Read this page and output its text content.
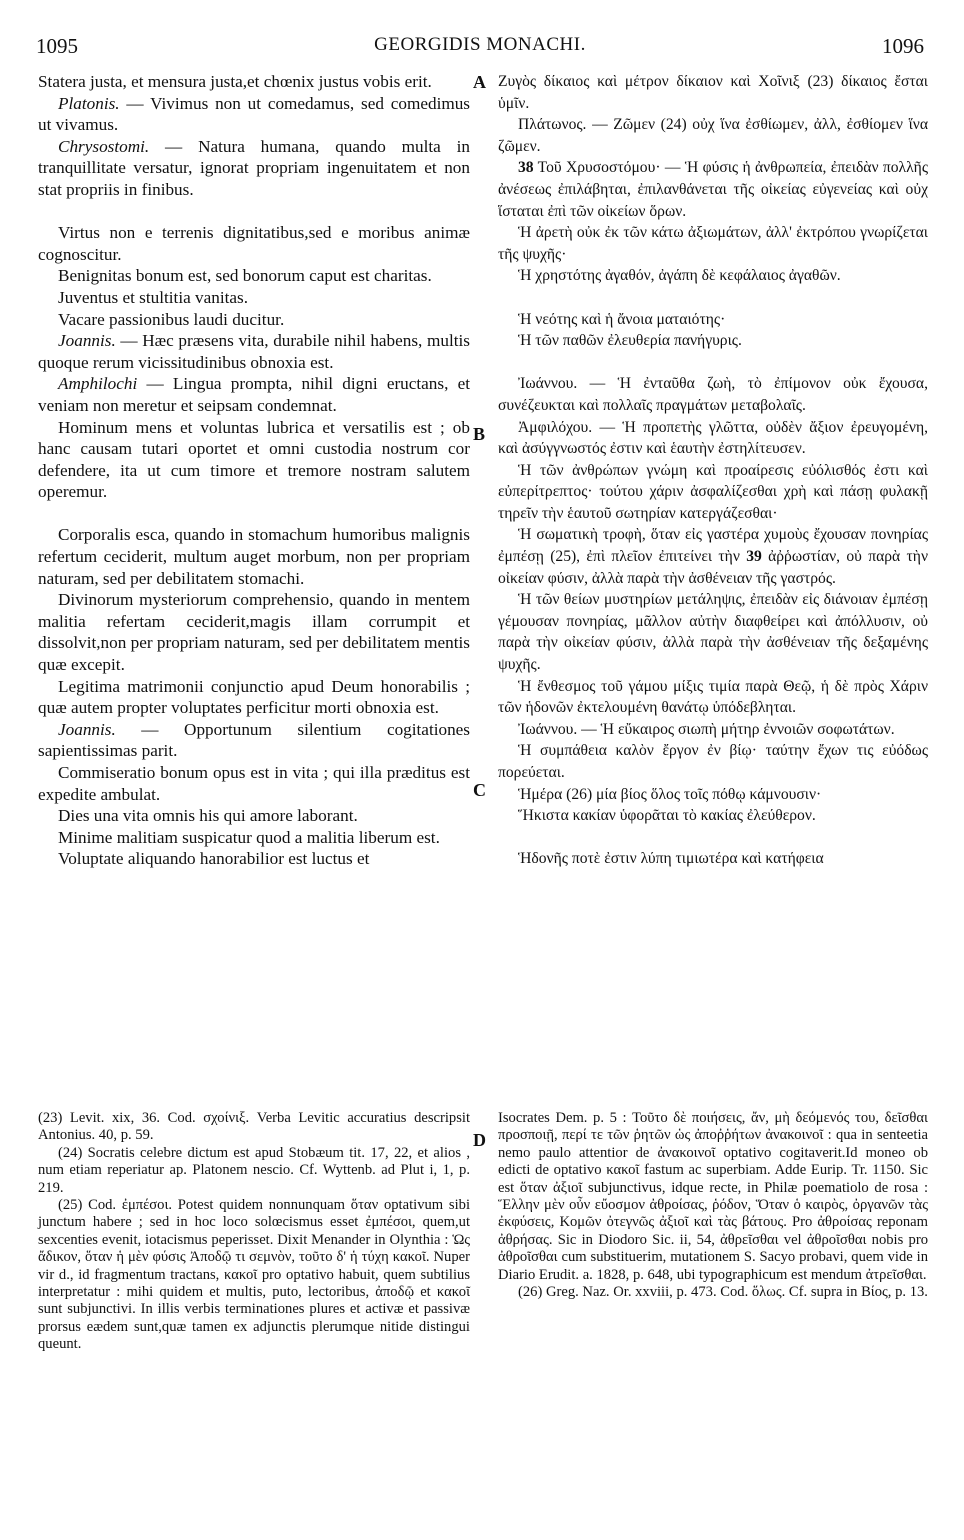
1095	GEORGIDIS MONACHI.	1096
A
B
C
D
Statera justa, et mensura justa,et chœnix justus vobis erit.
Platonis. — Vivimus non ut comedamus, sed comedimus ut vivamus.
Chrysostomi. — Natura humana, quando multa in tranquillitate versatur, ignorat propriam ingenuitatem et non stat propriis in finibus.
Virtus non e terrenis dignitatibus,sed e moribus animæ cognoscitur.
Benignitas bonum est, sed bonorum caput est charitas.
Juventus et stultitia vanitas.
Vacare passionibus laudi ducitur.
Joannis. — Hæc præsens vita, durabile nihil habens, multis quoque rerum vicissitudinibus obnoxia est.
Amphilochi — Lingua prompta, nihil digni eructans, et veniam non meretur et seipsam condemnat.
Hominum mens et voluntas lubrica et versatilis est ; ob hanc causam tutari oportet et omni custodia nostrum cor defendere, ita ut cum timore et tremore nostram salutem operemur.
Corporalis esca, quando in stomachum humoribus malignis refertum ceciderit, multum auget morbum, non per propriam naturam, sed per debilitatem stomachi.
Divinorum mysteriorum comprehensio, quando in mentem malitia refertam ceciderit,magis illam corrumpit et dissolvit,non per propriam naturam, sed per debilitatem mentis quæ excepit.
Legitima matrimonii conjunctio apud Deum honorabilis ; quæ autem propter voluptates perficitur morti obnoxia est.
Joannis. — Opportunum silentium cogitationes sapientissimas parit.
Commiseratio bonum opus est in vita ; qui illa præditus est expedite ambulat.
Dies una vita omnis his qui amore laborant.
Minime malitiam suspicatur quod a malitia liberum est.
Voluptate aliquando hanorabilior est luctus et
Ζυγὸς δίκαιος καὶ μέτρον δίκαιον καὶ Χοῖνιξ (23) δίκαιος ἔσται ὑμῖν.
Πλάτωνος. — Ζῶμεν (24) οὐχ ἵνα ἐσθίωμεν, ἀλλ, ἐσθίομεν ἵνα ζῶμεν.
38 Τοῦ Χρυσοστόμου· — Ἡ φύσις ἡ ἀνθρωπεία, ἐπειδὰν πολλῆς ἀνέσεως ἐπιλάβηται, ἐπιλανθάνεται τῆς οἰκείας εὐγενείας καὶ οὐχ ἵσταται ἐπὶ τῶν οἰκείων ὅρων.
Ἡ ἀρετὴ οὐκ ἐκ τῶν κάτω ἀξιωμάτων, ἀλλ' ἐκτρόπου γνωρίζεται τῆς ψυχῆς·
Ἡ χρηστότης ἀγαθόν, ἀγάπη δὲ κεφάλαιος ἀγαθῶν.
Ἡ νεότης καὶ ἡ ἄνοια ματαιότης·
Ἡ τῶν παθῶν ἐλευθερία πανήγυρις.
Ἰωάννου. — Ἡ ἐνταῦθα ζωὴ, τὸ ἐπίμονον οὐκ ἔχουσα, συνέζευκται καὶ πολλαῖς πραγμάτων μεταβολαῖς.
Ἀμφιλόχου. — Ἡ προπετὴς γλῶττα, οὐδὲν ἄξιον ἐρευγομένη, καὶ ἀσύγγνωστός ἐστιν καὶ ἑαυτὴν ἐστηλίτευσεν.
Ἡ τῶν ἀνθρώπων γνώμη καὶ προαίρεσις εὐόλισθός ἐστι καὶ εὐπερίτρεπτος· τούτου χάριν ἀσφαλίζεσθαι χρὴ καὶ πάσῃ φυλακῇ τηρεῖν τὴν ἑαυτοῦ σωτηρίαν κατεργάζεσθαι·
Ἡ σωματικὴ τροφὴ, ὅταν εἰς γαστέρα χυμοὺς ἔχουσαν πονηρίας ἐμπέσῃ (25), ἐπὶ πλεῖον ἐπιτείνει τὴν 39 ἀῤῥωστίαν, οὐ παρὰ τὴν οἰκείαν φύσιν, ἀλλὰ παρὰ τὴν ἀσθένειαν τῆς γαστρός.
Ἡ τῶν θείων μυστηρίων μετάληψις, ἐπειδὰν εἰς διάνοιαν ἐμπέσῃ γέμουσαν πονηρίας, μᾶλλον αὐτὴν διαφθείρει καὶ ἀπόλλυσιν, οὐ παρὰ τὴν οἰκείαν φύσιν, ἀλλὰ παρὰ τὴν ἀσθένειαν τῆς δεξαμένης ψυχῆς.
Ἡ ἔνθεσμος τοῦ γάμου μίξις τιμία παρὰ Θεῷ, ἡ δὲ πρὸς Χάριν τῶν ἡδονῶν ἐκτελουμένη θανάτῳ ὑπόδεβληται.
Ἰωάννου. — Ἡ εὔκαιρος σιωπὴ μήτηρ ἐννοιῶν σοφωτάτων.
Ἡ συμπάθεια καλὸν ἔργον ἐν βίῳ· ταύτην ἔχων τις εὐόδως πορεύεται.
Ἡμέρα (26) μία βίος ὅλος τοῖς πόθῳ κάμνουσιν·
Ἥκιστα κακίαν ὑφορᾶται τὸ κακίας ἐλεύθερον.
Ἡδονῆς ποτὲ ἐστιν λύπη τιμιωτέρα καὶ κατήφεια
(23) Levit. xix, 36. Cod. σχοίνιξ. Verba Levitic accuratius descripsit Antonius. 40, p. 59.
(24) Socratis celebre dictum est apud Stobæum tit. 17, 22, et alios , num etiam reperiatur ap. Platonem nescio. Cf. Wyttenb. ad Plut i, 1, p. 219.
(25) Cod. ἐμπέσοι. Potest quidem nonnunquam ὅταν optativum sibi junctum habere ; sed in hoc loco solœcismus esset ἐμπέσοι, quem,ut sexcenties evenit, iotacismus peperisset. Dixit Menander in Olynthia : Ὡς ἄδικον, ὅταν ἡ μὲν φύσις Ἀποδῷ τι σεμνὸν, τοῦτο δ' ἡ τύχη κακοῖ. Nuper vir d., id fragmentum tractans, κακοῖ pro optativo habuit, quem subtilius interpretatur : mihi quidem et multis, puto, lectoribus, ἀποδῷ et κακοῖ sunt subjunctivi. In illis verbis terminationes plures et activæ et passivæ prorsus eædem sunt,quæ tamen ex adjunctis plerumque nitide distingui queunt.
Isocrates Dem. p. 5 : Τοῦτο δὲ ποιήσεις, ἄν, μὴ δεόμενός του, δεῖσθαι προσποιῇ, περί τε τῶν ῥητῶν ὡς ἀποῤῥήτων ἀνακοινοῖ : qua in senteetia nemo paulo attentior de ἀνακοινοῖ optativo cogitaverit.Id moneo ob edicti de optativo κακοῖ fastum ac superbiam. Adde Eurip. Tr. 1150. Sic est ὅταν ἀξιοῖ subjunctivus, idque recte, in Philæ poematiolo de rosa : Ἕλλην μὲν οὖν εὔοσμον ἀθροίσας, ῥόδον, Ὅταν ὁ καιρὸς, ὀργανῶν τὰς ἐκφύσεις, Κομῶν ὀτεγνῶς ἀξιοῖ καὶ τὰς βάτους. Pro ἀθροίσας reponam ἀθρήσας. Sic in Diodoro Sic. ii, 54, ἀθρεῖσθαι vel ἀθροῖσθαι nobis pro ἀθροῖσθαι cum substituerim, mutationem S. Sacyo probavi, quem vide in Diario Erudit. a. 1828, p. 648, ubi typographicum est mendum ἀτρεῖσθαι.
(26) Greg. Naz. Or. xxviii, p. 473. Cod. ὅλως. Cf. supra in Βίος, p. 13.
